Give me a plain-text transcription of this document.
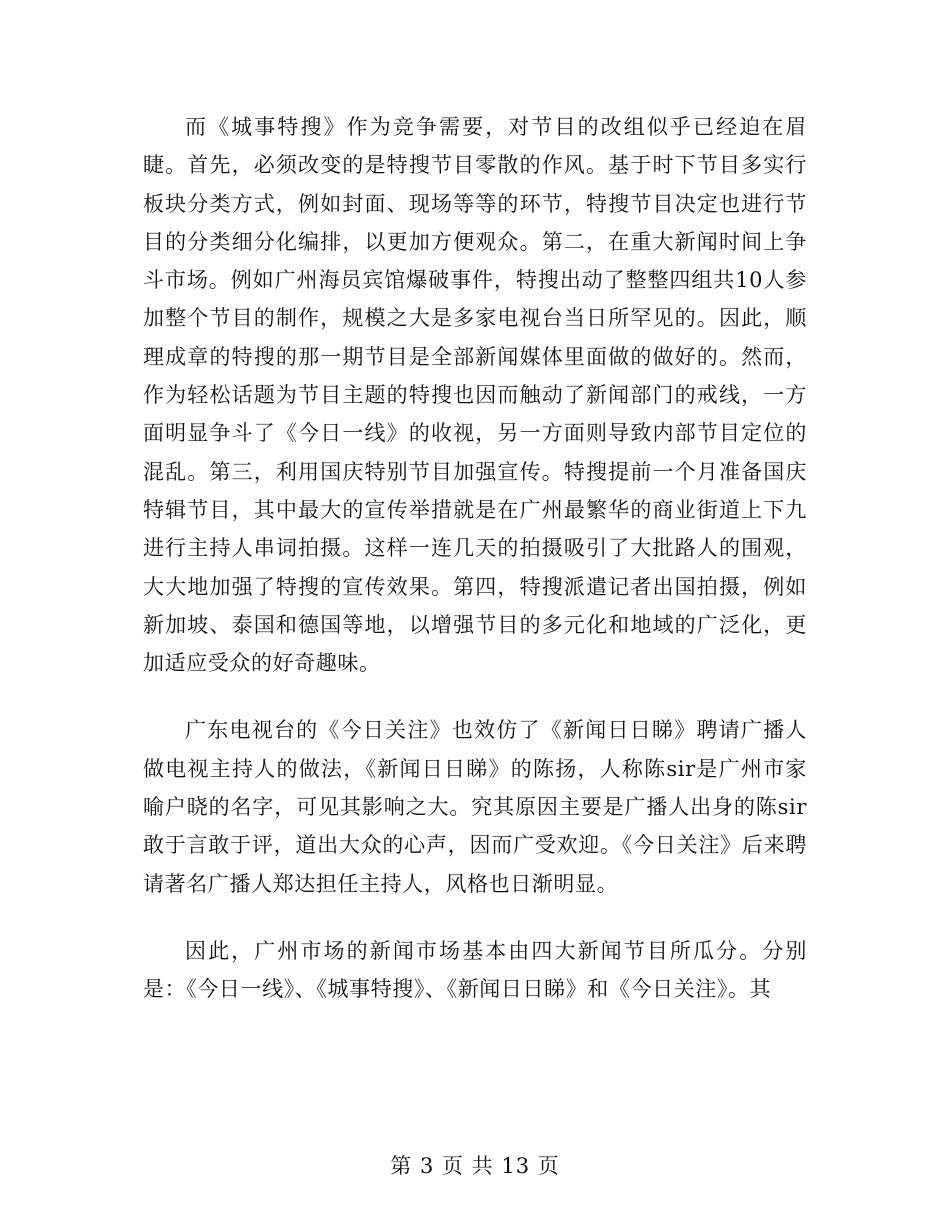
而《城事特搜》作为竞争需要，对节目的改组似乎已经迫在眉睫。首先，必须改变的是特搜节目零散的作风。基于时下节目多实行板块分类方式，例如封面、现场等等的环节，特搜节目决定也进行节目的分类细分化编排，以更加方便观众。第二，在重大新闻时间上争斗市场。例如广州海员宾馆爆破事件，特搜出动了整整四组共10人参加整个节目的制作，规模之大是多家电视台当日所罕见的。因此，顺理成章的特搜的那一期节目是全部新闻媒体里面做的做好的。然而，作为轻松话题为节目主题的特搜也因而触动了新闻部门的戒线，一方面明显争斗了《今日一线》的收视，另一方面则导致内部节目定位的混乱。第三，利用国庆特别节目加强宣传。特搜提前一个月准备国庆特辑节目，其中最大的宣传举措就是在广州最繁华的商业街道上下九进行主持人串词拍摄。这样一连几天的拍摄吸引了大批路人的围观，大大地加强了特搜的宣传效果。第四，特搜派遣记者出国拍摄，例如新加坡、泰国和德国等地，以增强节目的多元化和地域的广泛化，更加适应受众的好奇趣味。

广东电视台的《今日关注》也效仿了《新闻日日睇》聘请广播人做电视主持人的做法，《新闻日日睇》的陈扬，人称陈sir是广州市家喻户晓的名字，可见其影响之大。究其原因主要是广播人出身的陈sir敢于言敢于评，道出大众的心声，因而广受欢迎。《今日关注》后来聘请著名广播人郑达担任主持人，风格也日渐明显。

因此，广州市场的新闻市场基本由四大新闻节目所瓜分。分别是：《今日一线》、《城事特搜》、《新闻日日睇》和《今日关注》。其

第 3 页 共 13 页
